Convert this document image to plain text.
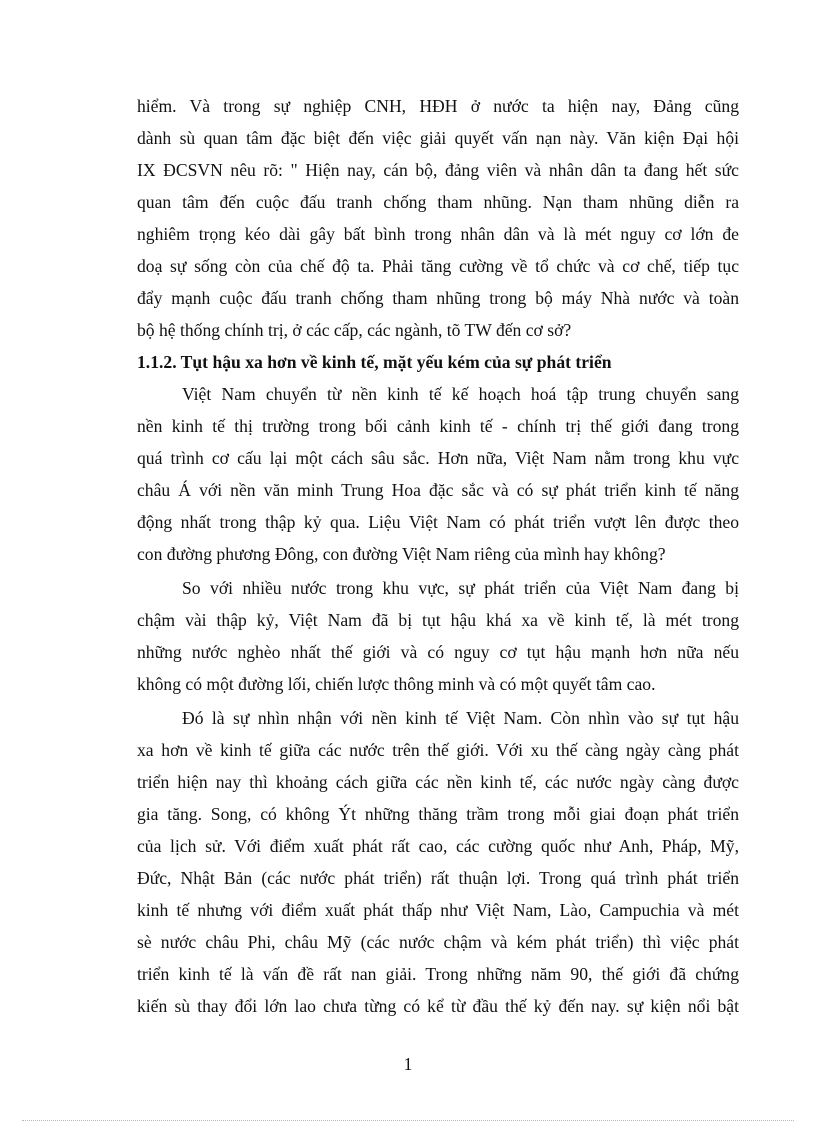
hiểm. Và trong sự nghiệp CNH, HĐH ở nước ta hiện nay, Đảng cũng
dành sù quan tâm đặc biệt đến việc giải quyết vấn nạn này. Văn kiện Đại hội
IX ĐCSVN nêu rõ: " Hiện nay, cán bộ, đảng viên và nhân dân ta đang hết sức
quan tâm đến cuộc đấu tranh chống tham nhũng. Nạn tham nhũng diễn ra
nghiêm trọng kéo dài gây bất bình trong nhân dân và là mét nguy cơ lớn đe
doạ sự sống còn của chế độ ta. Phải tăng cường về tổ chức và cơ chế, tiếp tục
đẩy mạnh cuộc đấu tranh chống tham nhũng trong bộ máy Nhà nước và toàn
bộ hệ thống chính trị, ở các cấp, các ngành, tõ TW đến cơ sở?
1.1.2. Tụt hậu xa hơn về kinh tế, mặt yếu kém của sự phát triển
Việt Nam chuyển từ nền kinh tế kế hoạch hoá tập trung chuyển sang
nền kinh tế thị trường trong bối cảnh kinh tế - chính trị thế giới đang trong
quá trình cơ cấu lại một cách sâu sắc. Hơn nữa, Việt Nam nằm trong khu vực
châu Á với nền văn minh Trung Hoa đặc sắc và có sự phát triển kinh tế năng
động nhất trong thập kỷ qua. Liệu Việt Nam có phát triển vượt lên được theo
con đường phương Đông, con đường Việt Nam riêng của mình hay không?
So với nhiều nước trong khu vực, sự phát triển của Việt Nam đang bị
chậm vài thập kỷ, Việt Nam đã bị tụt hậu khá xa về kinh tế, là mét trong
những nước nghèo nhất thế giới và có nguy cơ tụt hậu mạnh hơn nữa nếu
không có một đường lối, chiến lược thông minh và có một quyết tâm cao.
Đó là sự nhìn nhận với nền kinh tế Việt Nam. Còn nhìn vào sự tụt hậu
xa hơn về kinh tế giữa các nước trên thế giới. Với xu thế càng ngày càng phát
triển hiện nay thì khoảng cách giữa các nền kinh tế, các nước ngày càng được
gia tăng. Song, có không Ýt những thăng trầm trong mỗi giai đoạn phát triển
của lịch sử. Với điểm xuất phát rất cao, các cường quốc như Anh, Pháp, Mỹ,
Đức, Nhật Bản (các nước phát triển) rất thuận lợi. Trong quá trình phát triển
kinh tế nhưng với điểm xuất phát thấp như Việt Nam, Lào, Campuchia và mét
sè nước châu Phi, châu Mỹ (các nước chậm và kém phát triển) thì việc phát
triển kinh tế là vấn đề rất nan giải. Trong những năm 90, thế giới đã chứng
kiến sù thay đổi lớn lao chưa từng có kể từ đầu thế kỷ đến nay. sự kiện nổi bật
1
